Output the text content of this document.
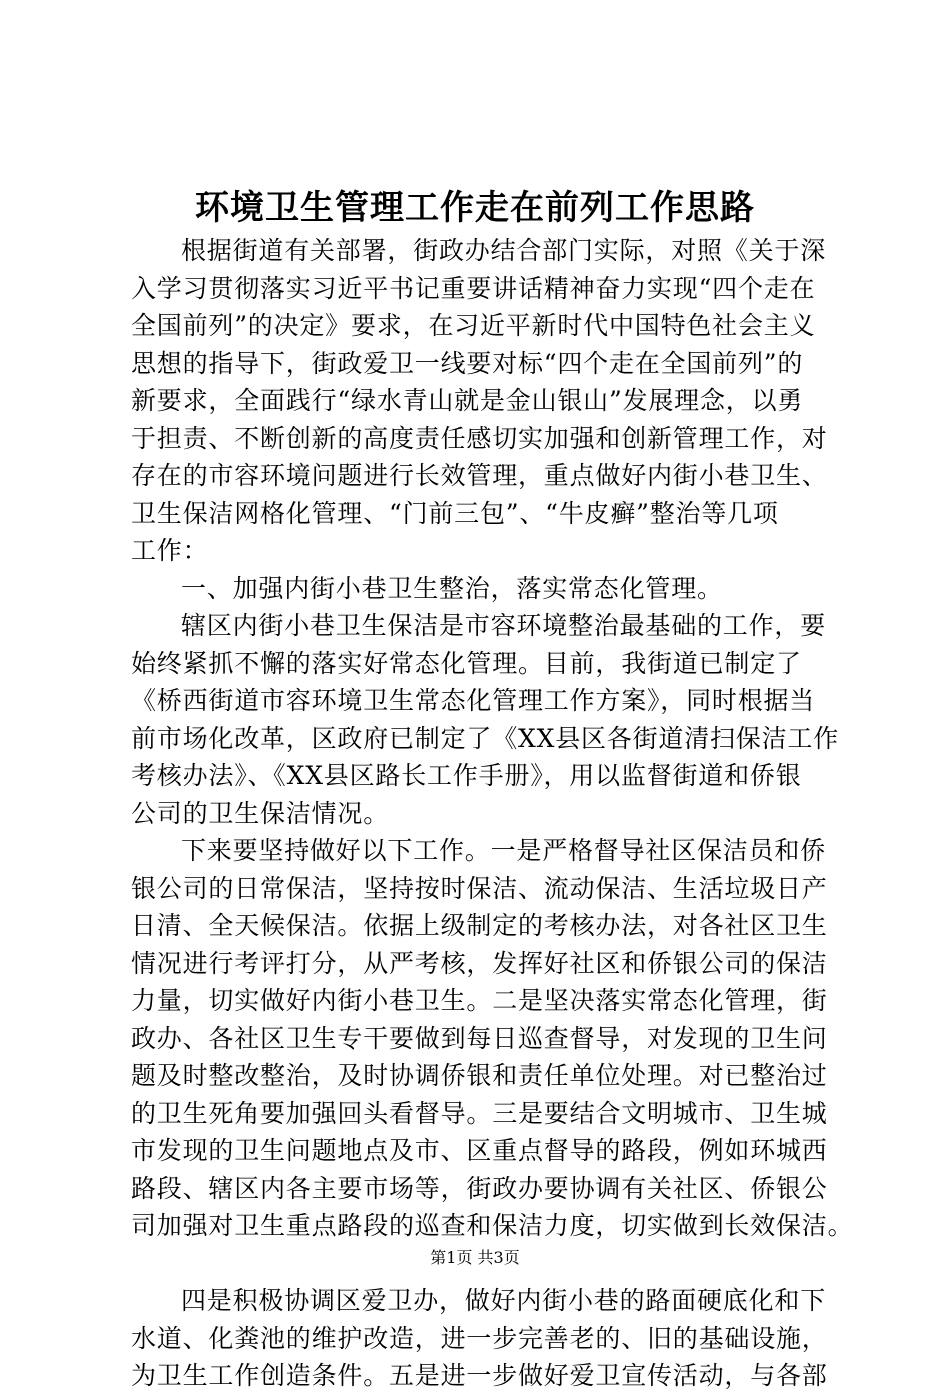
环境卫生管理工作走在前列工作思路
根据街道有关部署，街政办结合部门实际，对照《关于深
入学习贯彻落实习近平书记重要讲话精神奋力实现“四个走在
全国前列”的决定》要求，在习近平新时代中国特色社会主义
思想的指导下，街政爱卫一线要对标“四个走在全国前列”的
新要求，全面践行“绿水青山就是金山银山”发展理念，以勇
于担责、不断创新的高度责任感切实加强和创新管理工作，对
存在的市容环境问题进行长效管理，重点做好内街小巷卫生、
卫生保洁网格化管理、“门前三包”、“牛皮癣”整治等几项
工作：
一、加强内街小巷卫生整治，落实常态化管理。
辖区内街小巷卫生保洁是市容环境整治最基础的工作，要
始终紧抓不懈的落实好常态化管理。目前，我街道已制定了
《桥西街道市容环境卫生常态化管理工作方案》，同时根据当
前市场化改革，区政府已制定了《XX县区各街道清扫保洁工作
考核办法》、《XX县区路长工作手册》，用以监督街道和侨银
公司的卫生保洁情况。
下来要坚持做好以下工作。一是严格督导社区保洁员和侨
银公司的日常保洁，坚持按时保洁、流动保洁、生活垃圾日产
日清、全天候保洁。依据上级制定的考核办法，对各社区卫生
情况进行考评打分，从严考核，发挥好社区和侨银公司的保洁
力量，切实做好内街小巷卫生。二是坚决落实常态化管理，街
政办、各社区卫生专干要做到每日巡查督导，对发现的卫生问
题及时整改整治，及时协调侨银和责任单位处理。对已整治过
的卫生死角要加强回头看督导。三是要结合文明城市、卫生城
市发现的卫生问题地点及市、区重点督导的路段，例如环城西
路段、辖区内各主要市场等，街政办要协调有关社区、侨银公
司加强对卫生重点路段的巡查和保洁力度，切实做到长效保洁。
四是积极协调区爱卫办，做好内街小巷的路面硬底化和下
水道、化粪池的维护改造，进一步完善老的、旧的基础设施，
为卫生工作创造条件。五是进一步做好爱卫宣传活动，与各部
第1页 共3页
